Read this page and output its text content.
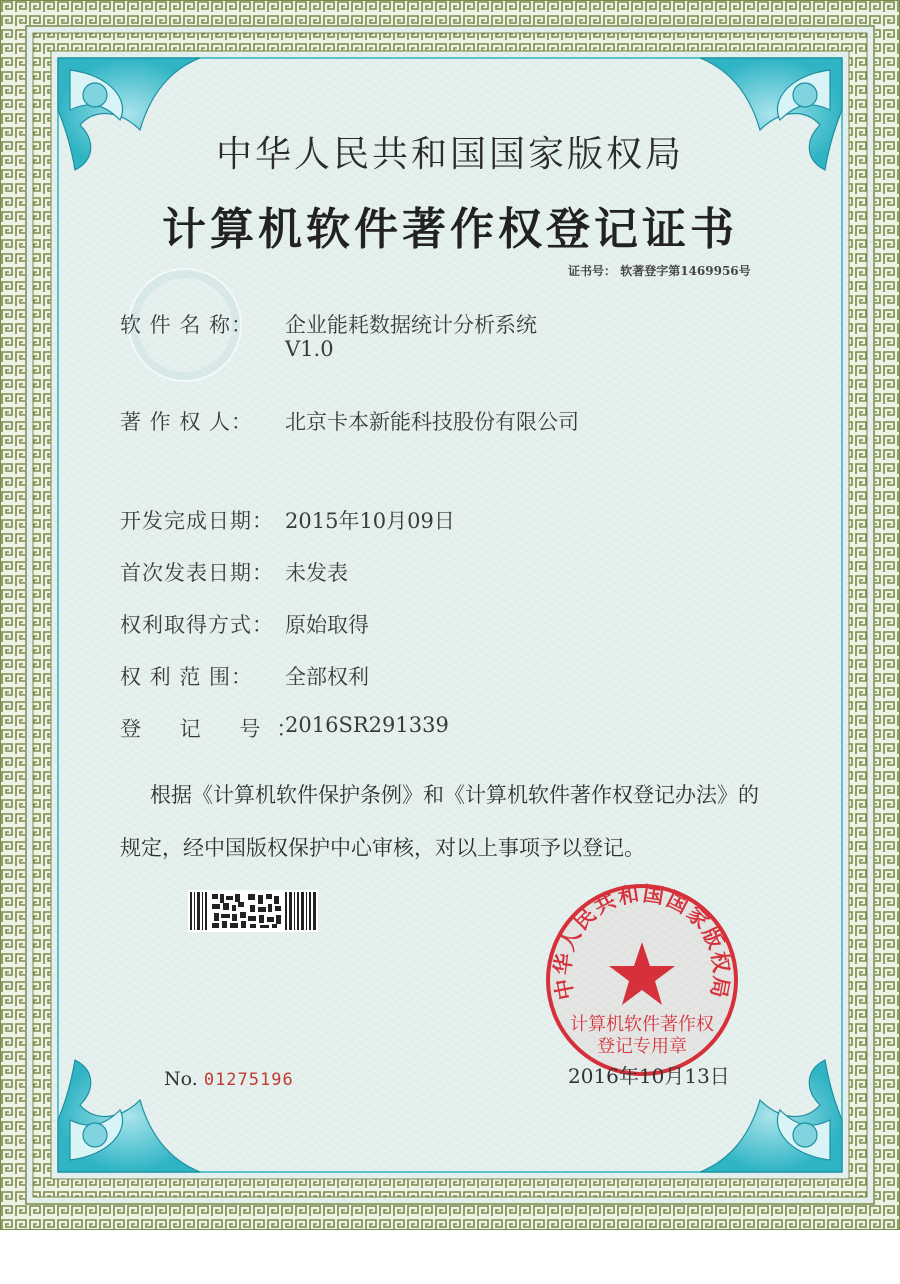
中华人民共和国国家版权局
计算机软件著作权登记证书
证书号： 软著登字第1469956号
软 件 名 称： 企业能耗数据统计分析系统
V1.0
著 作 权 人： 北京卡本新能科技股份有限公司
开发完成日期： 2015年10月09日
首次发表日期： 未发表
权利取得方式： 原始取得
权 利 范 围： 全部权利
登 记 号：
2016SR291339
根据《计算机软件保护条例》和《计算机软件著作权登记办法》的
规定，经中国版权保护中心审核，对以上事项予以登记。
No. 01275196
中华人民共和国国家版权局
计算机软件著作权
登记专用章
2016年10月13日
